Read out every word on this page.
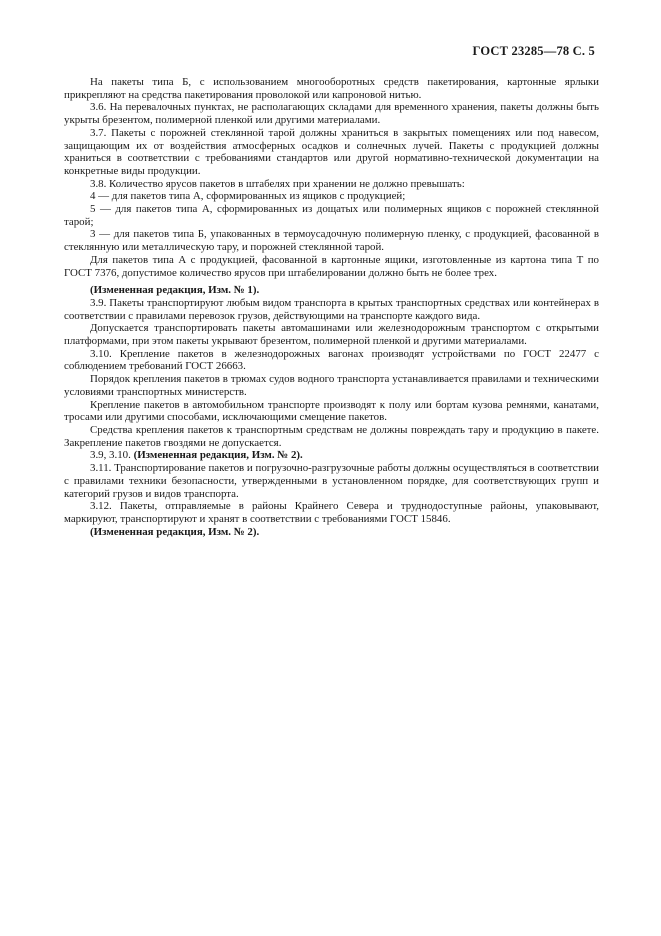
ГОСТ 23285—78 С. 5

На пакеты типа Б, с использованием многооборотных средств пакетирования, картонные ярлыки прикрепляют на средства пакетирования проволокой или капроновой нитью.

3.6. На перевалочных пунктах, не располагающих складами для временного хранения, пакеты должны быть укрыты брезентом, полимерной пленкой или другими материалами.

3.7. Пакеты с порожней стеклянной тарой должны храниться в закрытых помещениях или под навесом, защищающим их от воздействия атмосферных осадков и солнечных лучей. Пакеты с продукцией должны храниться в соответствии с требованиями стандартов или другой нормативно-технической документации на конкретные виды продукции.

3.8. Количество ярусов пакетов в штабелях при хранении не должно превышать:

4 — для пакетов типа А, сформированных из ящиков с продукцией;

5 — для пакетов типа А, сформированных из дощатых или полимерных ящиков с порожней стеклянной тарой;

3 — для пакетов типа Б, упакованных в термоусадочную полимерную пленку, с продукцией, фасованной в стеклянную или металлическую тару, и порожней стеклянной тарой.

Для пакетов типа А с продукцией, фасованной в картонные ящики, изготовленные из картона типа Т по ГОСТ 7376, допустимое количество ярусов при штабелировании должно быть не более трех.

(Измененная редакция, Изм. № 1).

3.9. Пакеты транспортируют любым видом транспорта в крытых транспортных средствах или контейнерах в соответствии с правилами перевозок грузов, действующими на транспорте каждого вида.

Допускается транспортировать пакеты автомашинами или железнодорожным транспортом с открытыми платформами, при этом пакеты укрывают брезентом, полимерной пленкой и другими материалами.

3.10. Крепление пакетов в железнодорожных вагонах производят устройствами по ГОСТ 22477 с соблюдением требований ГОСТ 26663.

Порядок крепления пакетов в трюмах судов водного транспорта устанавливается правилами и техническими условиями транспортных министерств.

Крепление пакетов в автомобильном транспорте производят к полу или бортам кузова ремнями, канатами, тросами или другими способами, исключающими смещение пакетов.

Средства крепления пакетов к транспортным средствам не должны повреждать тару и продукцию в пакете. Закрепление пакетов гвоздями не допускается.

3.9, 3.10. (Измененная редакция, Изм. № 2).

3.11. Транспортирование пакетов и погрузочно-разгрузочные работы должны осуществляться в соответствии с правилами техники безопасности, утвержденными в установленном порядке, для соответствующих групп и категорий грузов и видов транспорта.

3.12. Пакеты, отправляемые в районы Крайнего Севера и труднодоступные районы, упаковывают, маркируют, транспортируют и хранят в соответствии с требованиями ГОСТ 15846.

(Измененная редакция, Изм. № 2).
